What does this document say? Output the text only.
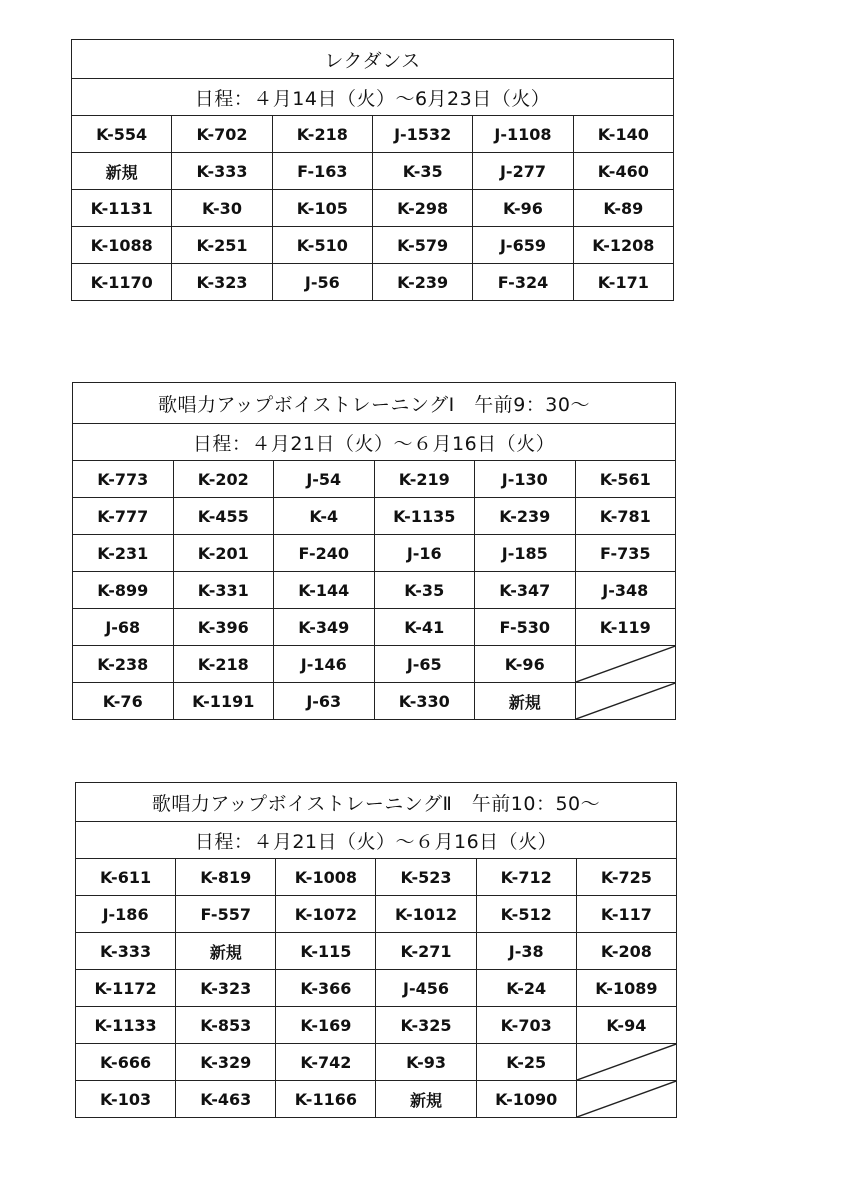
レクダンス					
日程：４月14日（火）～6月23日（火）					
K-554	K-702	K-218	J-1532	J-1108	K-140
新規	K-333	F-163	K-35	J-277	K-460
K-1131	K-30	K-105	K-298	K-96	K-89
K-1088	K-251	K-510	K-579	J-659	K-1208
K-1170	K-323	J-56	K-239	F-324	K-171
歌唱力アップボイストレーニングⅠ　午前9：30～					
日程：４月21日（火）～６月16日（火）					
K-773	K-202	J-54	K-219	J-130	K-561
K-777	K-455	K-4	K-1135	K-239	K-781
K-231	K-201	F-240	J-16	J-185	F-735
K-899	K-331	K-144	K-35	K-347	J-348
J-68	K-396	K-349	K-41	F-530	K-119
K-238	K-218	J-146	J-65	K-96	

K-76	K-1191	J-63	K-330	新規	
歌唱力アップボイストレーニングⅡ　午前10：50～					
日程：４月21日（火）～６月16日（火）					
K-611	K-819	K-1008	K-523	K-712	K-725
J-186	F-557	K-1072	K-1012	K-512	K-117
K-333	新規	K-115	K-271	J-38	K-208
K-1172	K-323	K-366	J-456	K-24	K-1089
K-1133	K-853	K-169	K-325	K-703	K-94
K-666	K-329	K-742	K-93	K-25	

K-103	K-463	K-1166	新規	K-1090	
